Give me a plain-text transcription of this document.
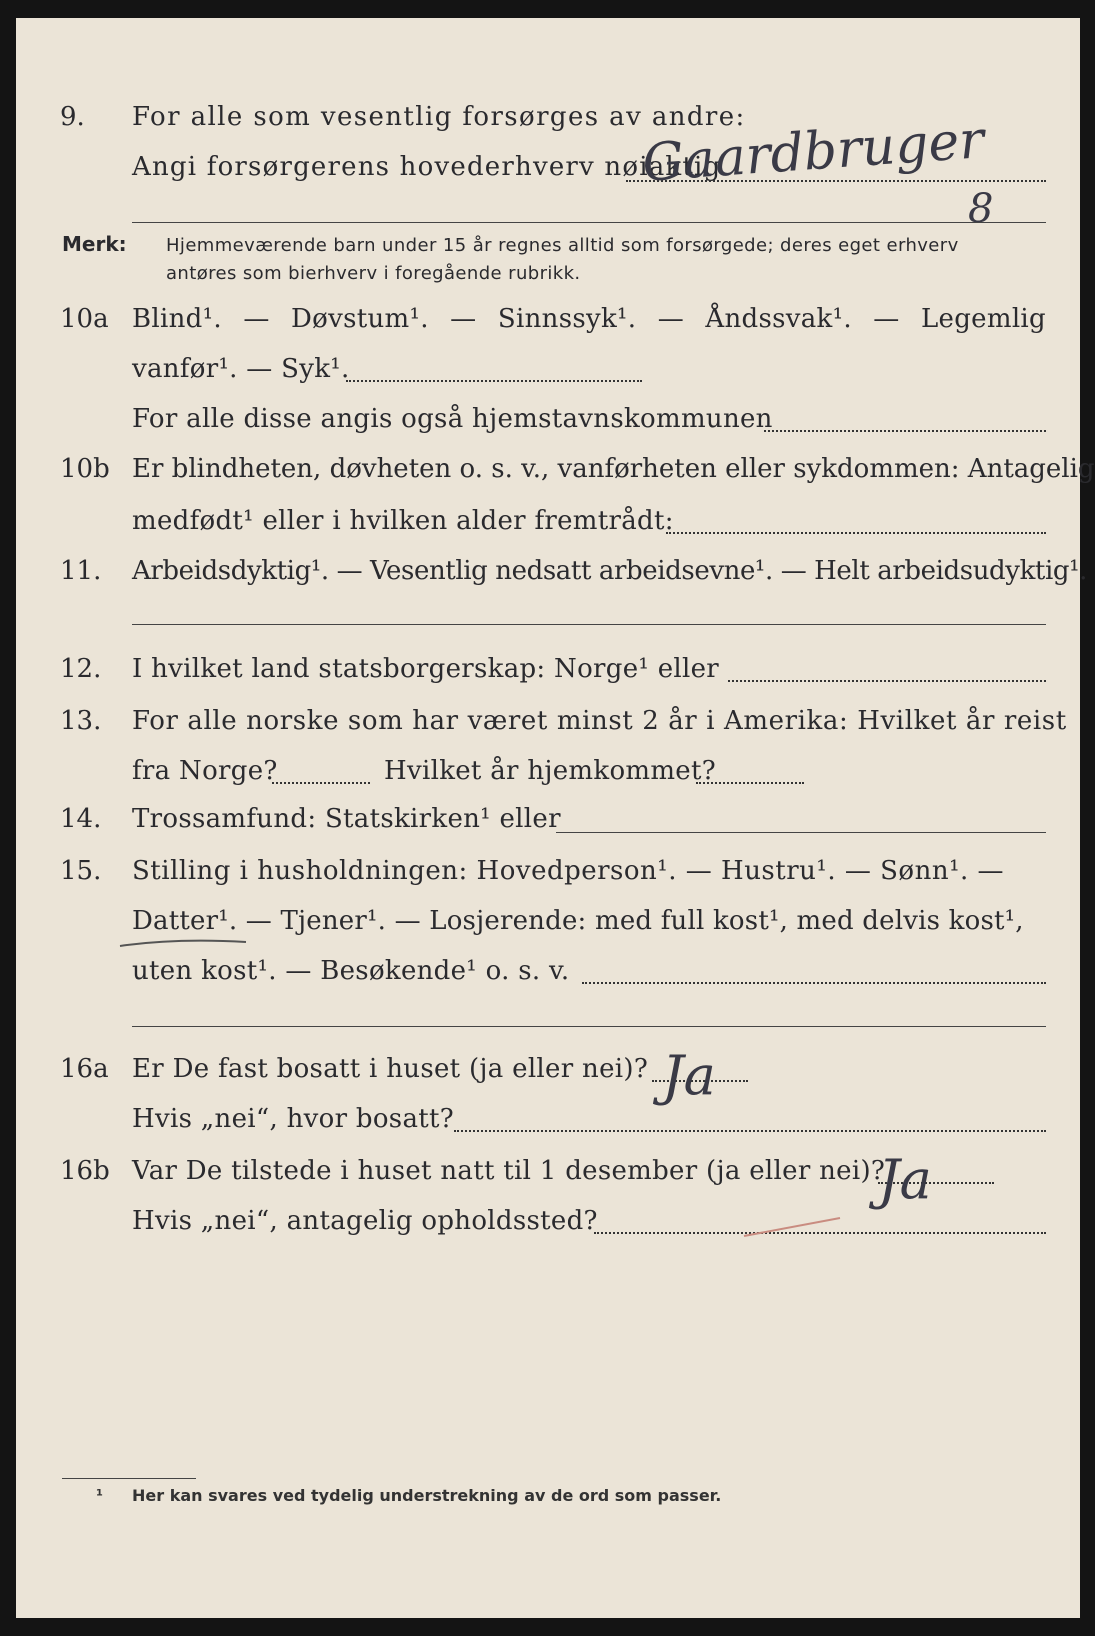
9. For alle som vesentlig forsørges av andre:
Angi forsørgerens hovederhverv nøiaktig
Gaardbruger
8
Merk: Hjemmeværende barn under 15 år regnes alltid som forsørgede; deres eget erhverv
antøres som bierhverv i foregående rubrikk.
10a Blind¹. — Døvstum¹. — Sinnssyk¹. — Åndssvak¹. — Legemlig
vanfør¹. — Syk¹.
For alle disse angis også hjemstavnskommunen
10b Er blindheten, døvheten o. s. v., vanførheten eller sykdommen: Antagelig
medfødt¹ eller i hvilken alder fremtrådt:
11. Arbeidsdyktig¹. — Vesentlig nedsatt arbeidsevne¹. — Helt arbeidsudyktig¹.
12. I hvilket land statsborgerskap: Norge¹ eller
13. For alle norske som har været minst 2 år i Amerika: Hvilket år reist
fra Norge?	Hvilket år hjemkommet?
14. Trossamfund: Statskirken¹ eller
15. Stilling i husholdningen: Hovedperson¹. — Hustru¹. — Sønn¹. —
Datter¹. — Tjener¹. — Losjerende: med full kost¹, med delvis kost¹,
uten kost¹. — Besøkende¹ o. s. v.
16a Er De fast bosatt i huset (ja eller nei)? Ja
Hvis „nei“, hvor bosatt?
16b Var De tilstede i huset natt til 1 desember (ja eller nei)?
Ja
Hvis „nei“, antagelig opholdssted?
¹ Her kan svares ved tydelig understrekning av de ord som passer.
